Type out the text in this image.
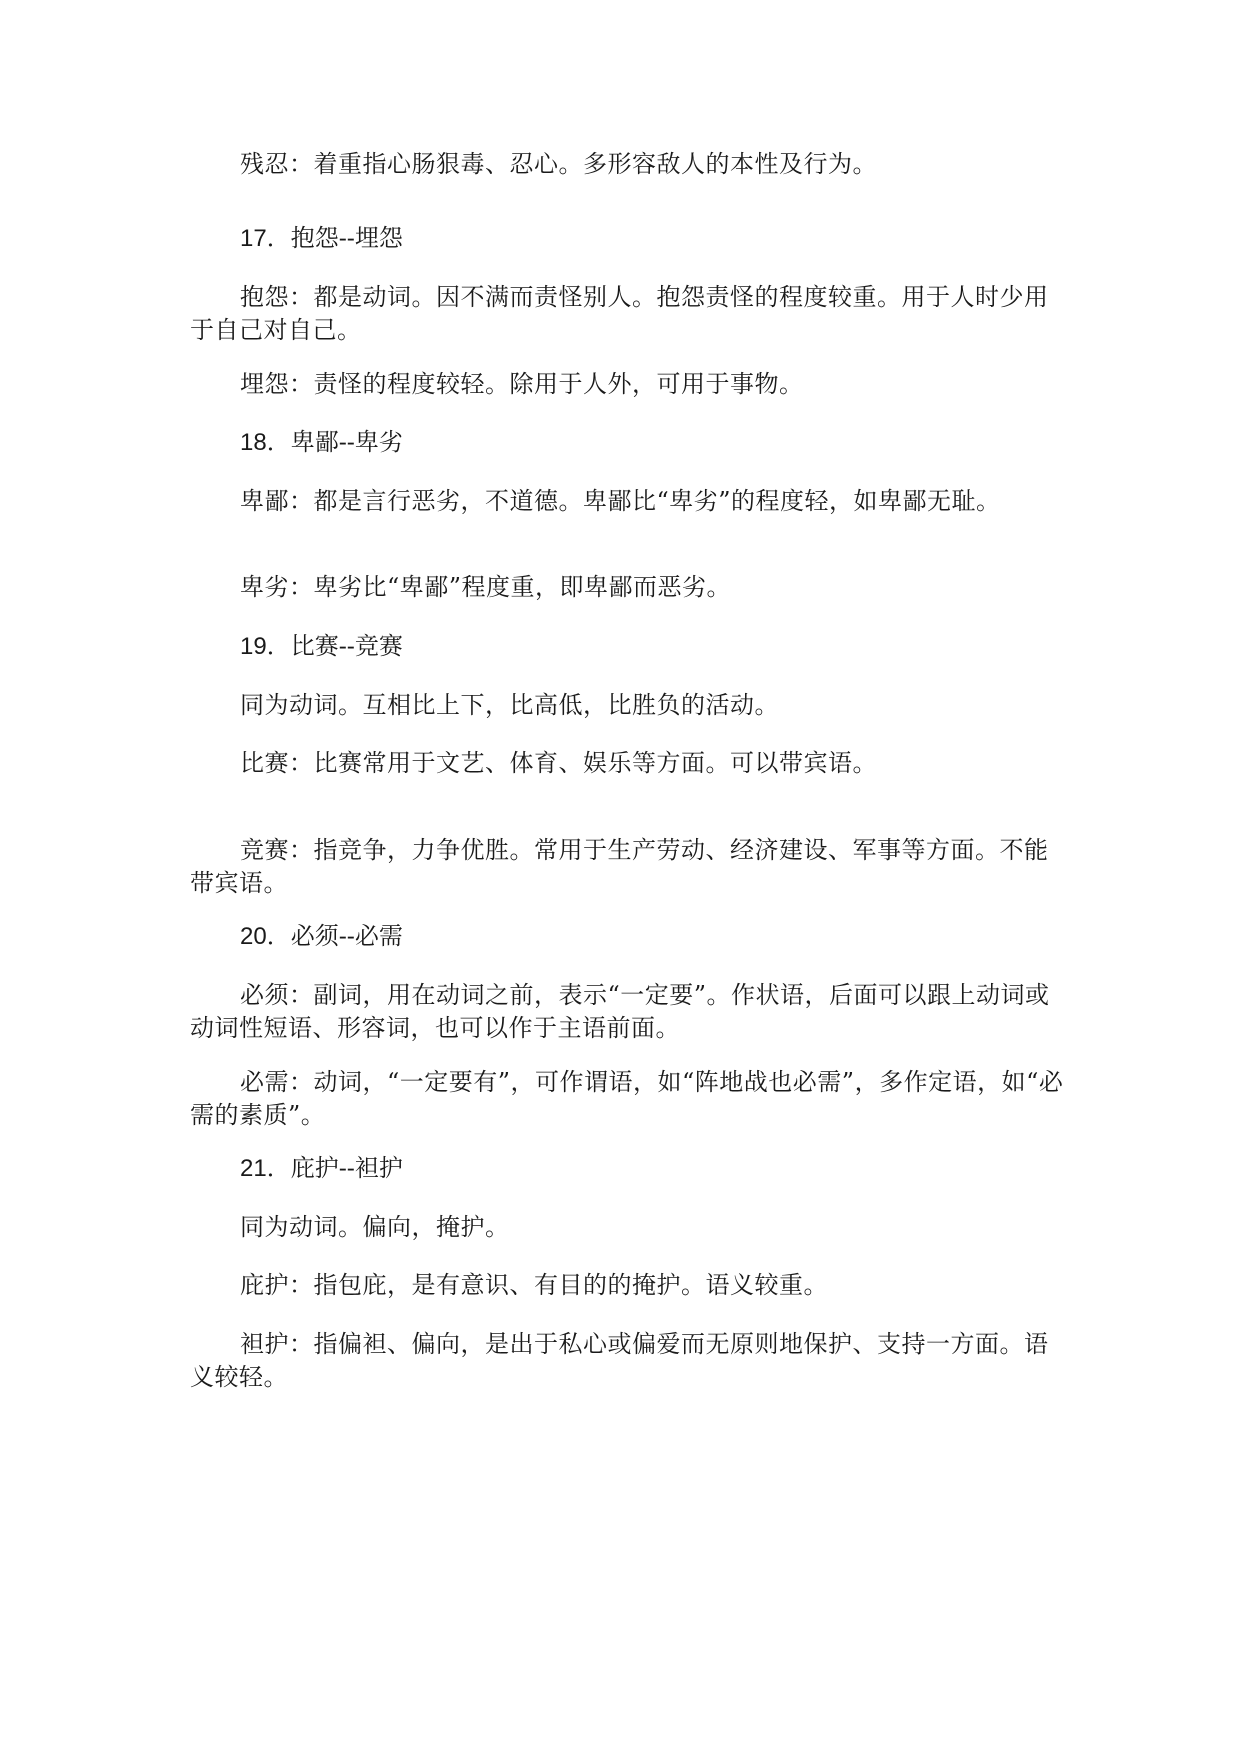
残忍：着重指心肠狠毒、忍心。多形容敌人的本性及行为。

17．抱怨--埋怨

抱怨：都是动词。因不满而责怪别人。抱怨责怪的程度较重。用于人时少用于自己对自己。

埋怨：责怪的程度较轻。除用于人外，可用于事物。

18．卑鄙--卑劣

卑鄙：都是言行恶劣，不道德。卑鄙比“卑劣”的程度轻，如卑鄙无耻。

卑劣：卑劣比“卑鄙”程度重，即卑鄙而恶劣。

19．比赛--竞赛

同为动词。互相比上下，比高低，比胜负的活动。

比赛：比赛常用于文艺、体育、娱乐等方面。可以带宾语。

竞赛：指竞争，力争优胜。常用于生产劳动、经济建设、军事等方面。不能带宾语。

20．必须--必需

必须：副词，用在动词之前，表示“一定要”。作状语，后面可以跟上动词或动词性短语、形容词，也可以作于主语前面。

必需：动词，“一定要有”，可作谓语，如“阵地战也必需”，多作定语，如“必需的素质”。

21．庇护--袒护

同为动词。偏向，掩护。

庇护：指包庇，是有意识、有目的的掩护。语义较重。

袒护：指偏袒、偏向，是出于私心或偏爱而无原则地保护、支持一方面。语义较轻。
